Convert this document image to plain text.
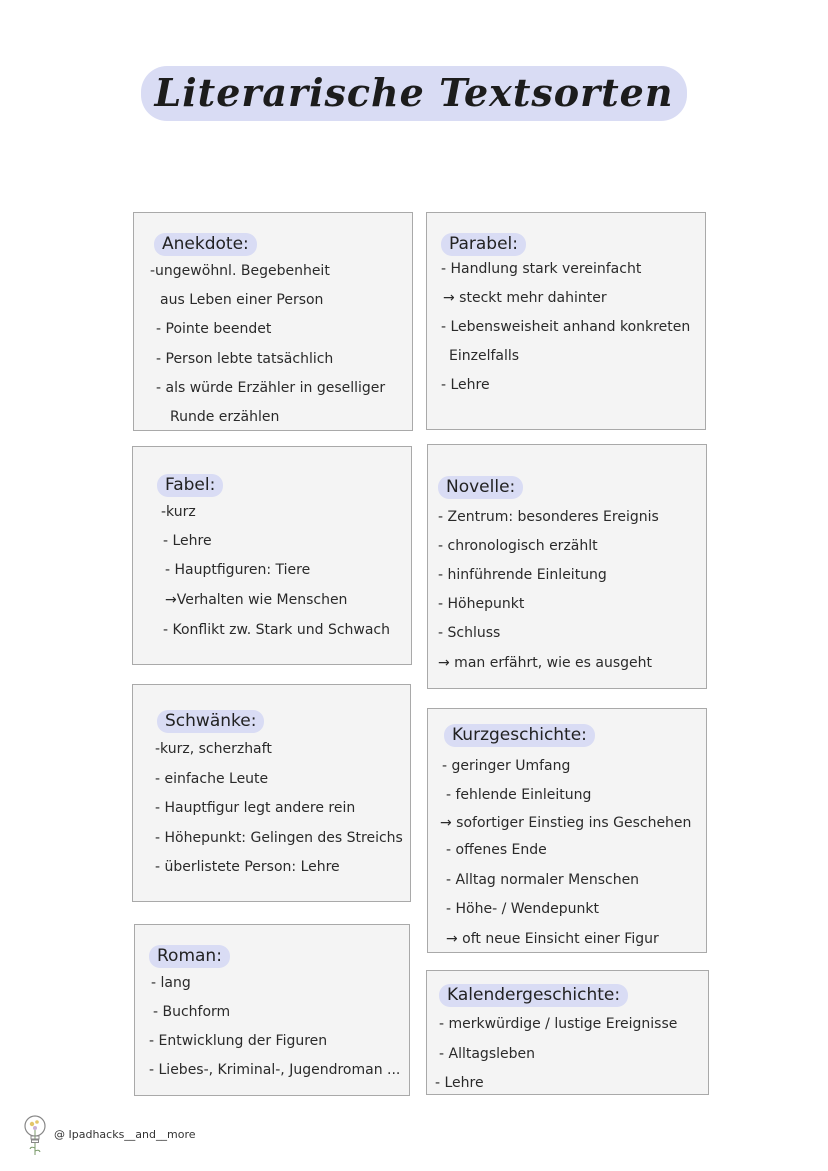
Literarische Textsorten
Anekdote:
-ungewöhnl. Begebenheit
aus Leben einer Person
- Pointe beendet
- Person lebte tatsächlich
- als würde Erzähler in geselliger
Runde erzählen
Parabel:
- Handlung stark vereinfacht
→ steckt mehr dahinter
- Lebensweisheit anhand konkreten
Einzelfalls
- Lehre
Fabel:
-kurz
- Lehre
- Hauptfiguren: Tiere
→Verhalten wie Menschen
- Konflikt zw. Stark und Schwach
Novelle:
- Zentrum: besonderes Ereignis
- chronologisch erzählt
- hinführende Einleitung
- Höhepunkt
- Schluss
→ man erfährt, wie es ausgeht
Schwänke:
-kurz, scherzhaft
- einfache Leute
- Hauptfigur legt andere rein
- Höhepunkt: Gelingen des Streichs
- überlistete Person: Lehre
Kurzgeschichte:
- geringer Umfang
- fehlende Einleitung
→ sofortiger Einstieg ins Geschehen
- offenes Ende
- Alltag normaler Menschen
- Höhe- / Wendepunkt
→ oft neue Einsicht einer Figur
Roman:
- lang
- Buchform
- Entwicklung der Figuren
- Liebes-, Kriminal-, Jugendroman ...
Kalendergeschichte:
- merkwürdige / lustige Ereignisse
- Alltagsleben
- Lehre
@ Ipadhacks__and__more
